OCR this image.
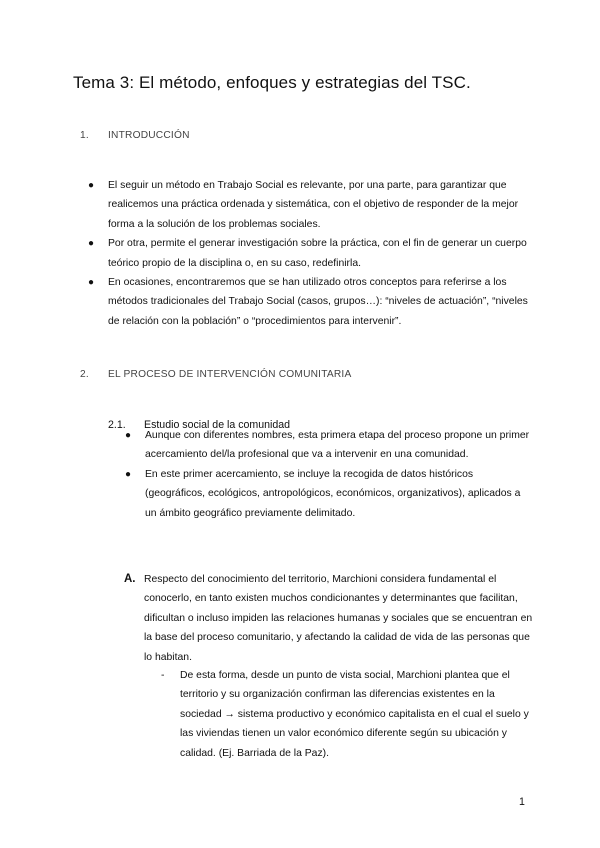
Tema 3: El método, enfoques y estrategias del TSC.
1. INTRODUCCIÓN
● El seguir un método en Trabajo Social es relevante, por una parte, para garantizar que realicemos una práctica ordenada y sistemática, con el objetivo de responder de la mejor forma a la solución de los problemas sociales.
● Por otra, permite el generar investigación sobre la práctica, con el fin de generar un cuerpo teórico propio de la disciplina o, en su caso, redefinirla.
● En ocasiones, encontraremos que se han utilizado otros conceptos para referirse a los métodos tradicionales del Trabajo Social (casos, grupos…): “niveles de actuación”, “niveles de relación con la población” o “procedimientos para intervenir”.
2. EL PROCESO DE INTERVENCIÓN COMUNITARIA
2.1. Estudio social de la comunidad
● Aunque con diferentes nombres, esta primera etapa del proceso propone un primer acercamiento del/la profesional que va a intervenir en una comunidad.
● En este primer acercamiento, se incluye la recogida de datos históricos (geográficos, ecológicos, antropológicos, económicos, organizativos), aplicados a un ámbito geográfico previamente delimitado.
A. Respecto del conocimiento del territorio, Marchioni considera fundamental el conocerlo, en tanto existen muchos condicionantes y determinantes que facilitan, dificultan o incluso impiden las relaciones humanas y sociales que se encuentran en la base del proceso comunitario, y afectando la calidad de vida de las personas que lo habitan.
- De esta forma, desde un punto de vista social, Marchioni plantea que el territorio y su organización confirman las diferencias existentes en la sociedad → sistema productivo y económico capitalista en el cual el suelo y las viviendas tienen un valor económico diferente según su ubicación y calidad. (Ej. Barriada de la Paz).
1
